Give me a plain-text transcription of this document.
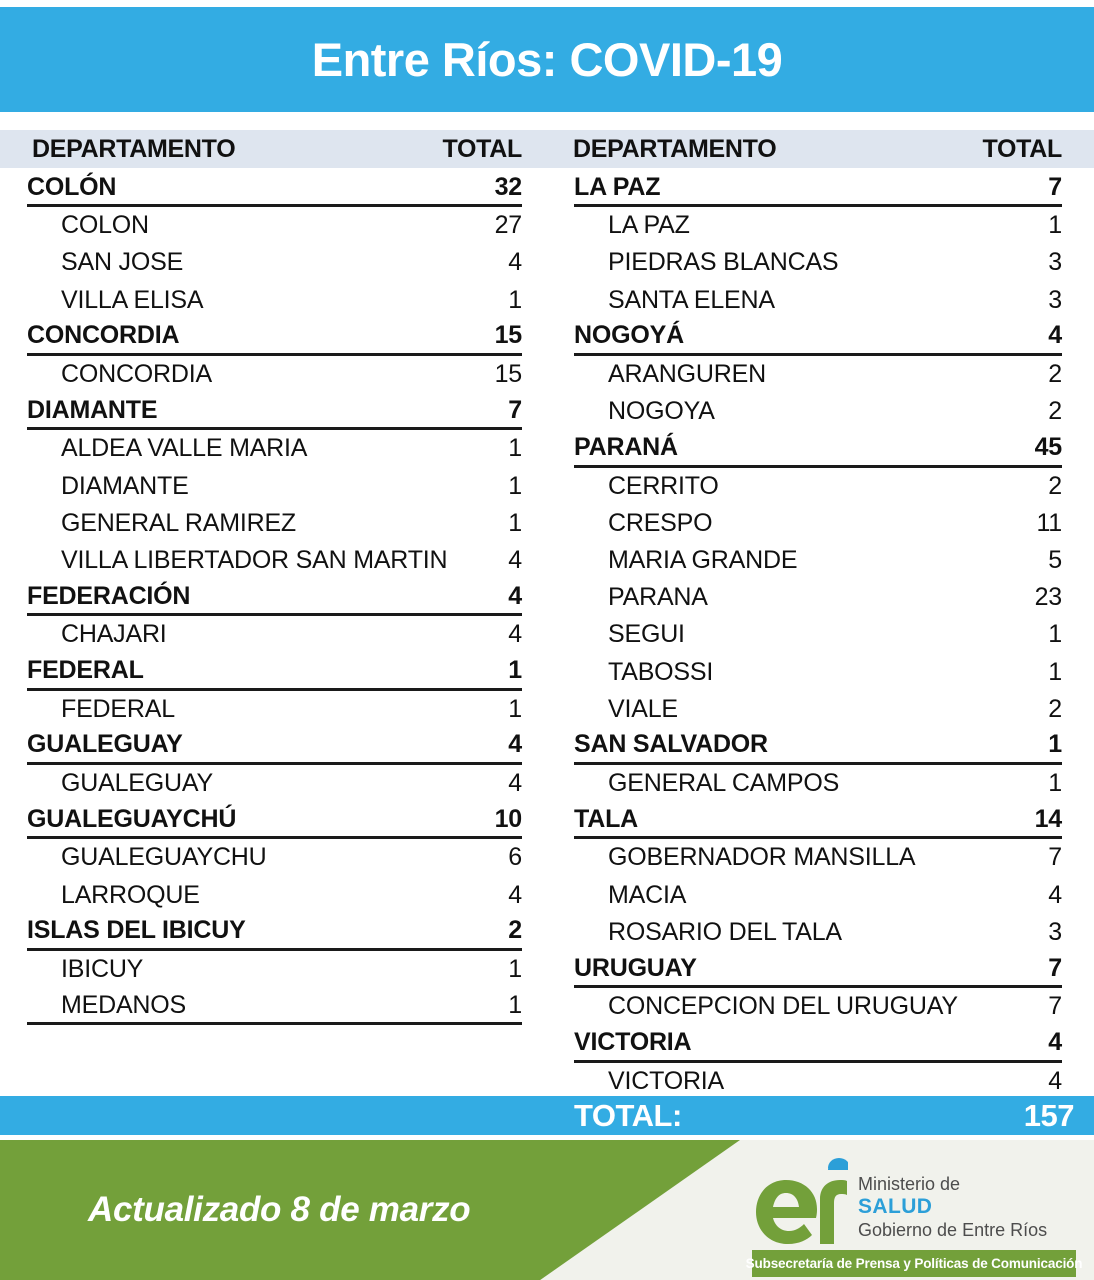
Entre Ríos: COVID-19
DEPARTAMENTO	TOTAL DEPARTAMENTO	TOTAL
COLÓN	32
COLON	27
SAN JOSE	4
VILLA ELISA	1
CONCORDIA	15
CONCORDIA	15
DIAMANTE	7
ALDEA VALLE MARIA	1
DIAMANTE	1
GENERAL RAMIREZ	1
VILLA LIBERTADOR SAN MARTIN 4
FEDERACIÓN	4
CHAJARI	4
FEDERAL	1
FEDERAL	1
GUALEGUAY	4
GUALEGUAY	4
GUALEGUAYCHÚ	10
GUALEGUAYCHU	6
LARROQUE	4
ISLAS DEL IBICUY	2
IBICUY	1
MEDANOS	1
LA PAZ	7
LA PAZ	1
PIEDRAS BLANCAS	3
SANTA ELENA	3
NOGOYÁ	4
ARANGUREN	2
NOGOYA	2
PARANÁ	45
CERRITO	2
CRESPO	11
MARIA GRANDE	5
PARANA	23
SEGUI	1
TABOSSI	1
VIALE	2
SAN SALVADOR	1
GENERAL CAMPOS	1
TALA	14
GOBERNADOR MANSILLA	7
MACIA	4
ROSARIO DEL TALA	3
URUGUAY	7
CONCEPCION DEL URUGUAY	7
VICTORIA	4
VICTORIA	4
TOTAL:	157
Actualizado 8 de marzo
Ministerio de
SALUD
Gobierno de Entre Ríos
Subsecretaría de Prensa y Políticas de Comunicación
